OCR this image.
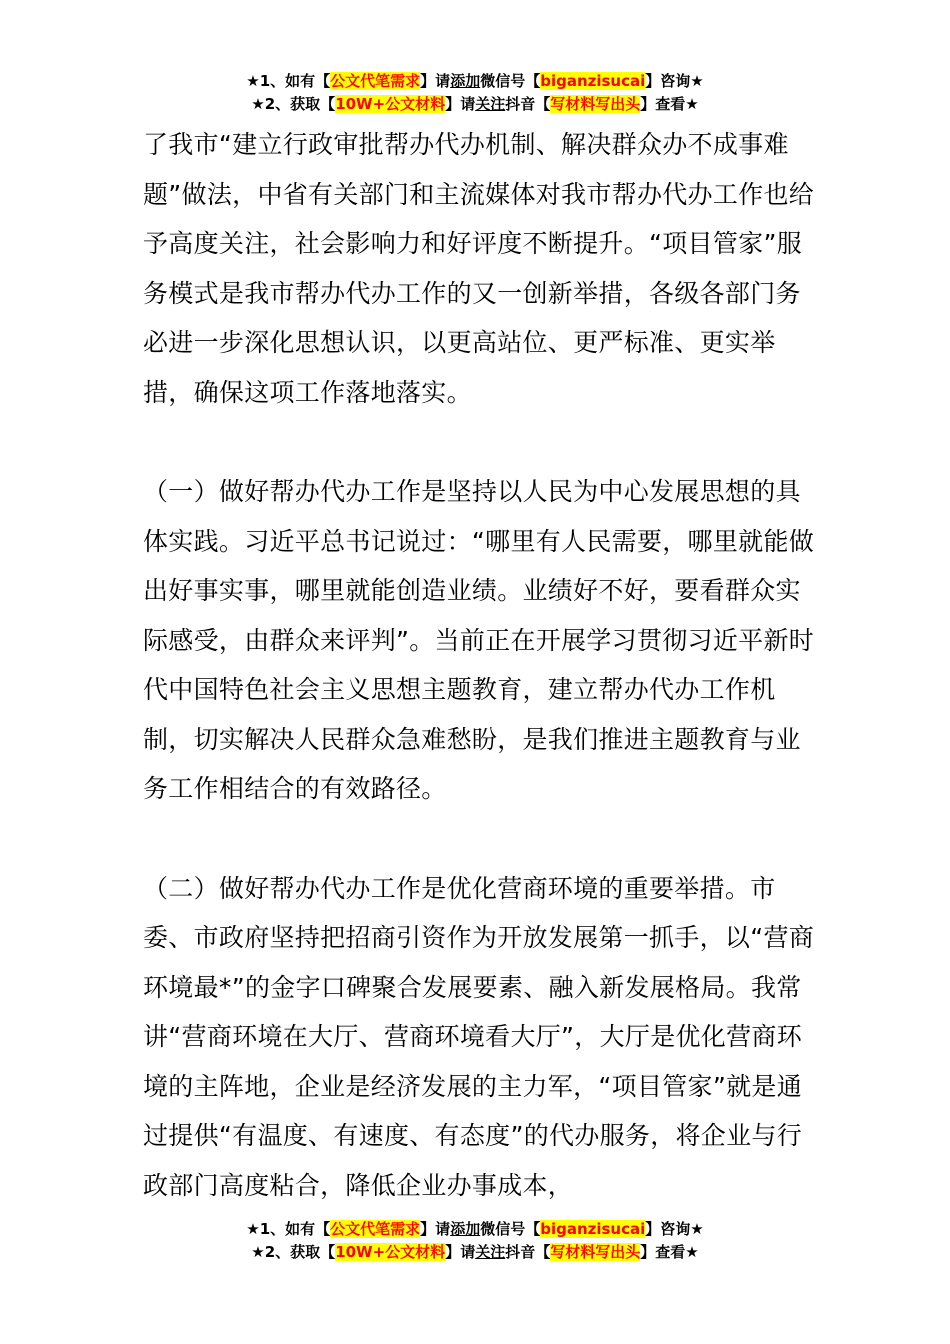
★1、如有【公文代笔需求】请添加微信号【biganzisucai】咨询★
★2、获取【10W+公文材料】请关注抖音【写材料写出头】查看★

了我市“建立行政审批帮办代办机制、解决群众办不成事难题”做法，中省有关部门和主流媒体对我市帮办代办工作也给予高度关注，社会影响力和好评度不断提升。“项目管家”服务模式是我市帮办代办工作的又一创新举措，各级各部门务必进一步深化思想认识，以更高站位、更严标准、更实举措，确保这项工作落地落实。

（一）做好帮办代办工作是坚持以人民为中心发展思想的具体实践。习近平总书记说过：“哪里有人民需要，哪里就能做出好事实事，哪里就能创造业绩。业绩好不好，要看群众实际感受，由群众来评判”。当前正在开展学习贯彻习近平新时代中国特色社会主义思想主题教育，建立帮办代办工作机制，切实解决人民群众急难愁盼，是我们推进主题教育与业务工作相结合的有效路径。

（二）做好帮办代办工作是优化营商环境的重要举措。市委、市政府坚持把招商引资作为开放发展第一抓手，以“营商环境最*”的金字口碑聚合发展要素、融入新发展格局。我常讲“营商环境在大厅、营商环境看大厅”，大厅是优化营商环境的主阵地，企业是经济发展的主力军，“项目管家”就是通过提供“有温度、有速度、有态度”的代办服务，将企业与行政部门高度粘合，降低企业办事成本，

★1、如有【公文代笔需求】请添加微信号【biganzisucai】咨询★
★2、获取【10W+公文材料】请关注抖音【写材料写出头】查看★
